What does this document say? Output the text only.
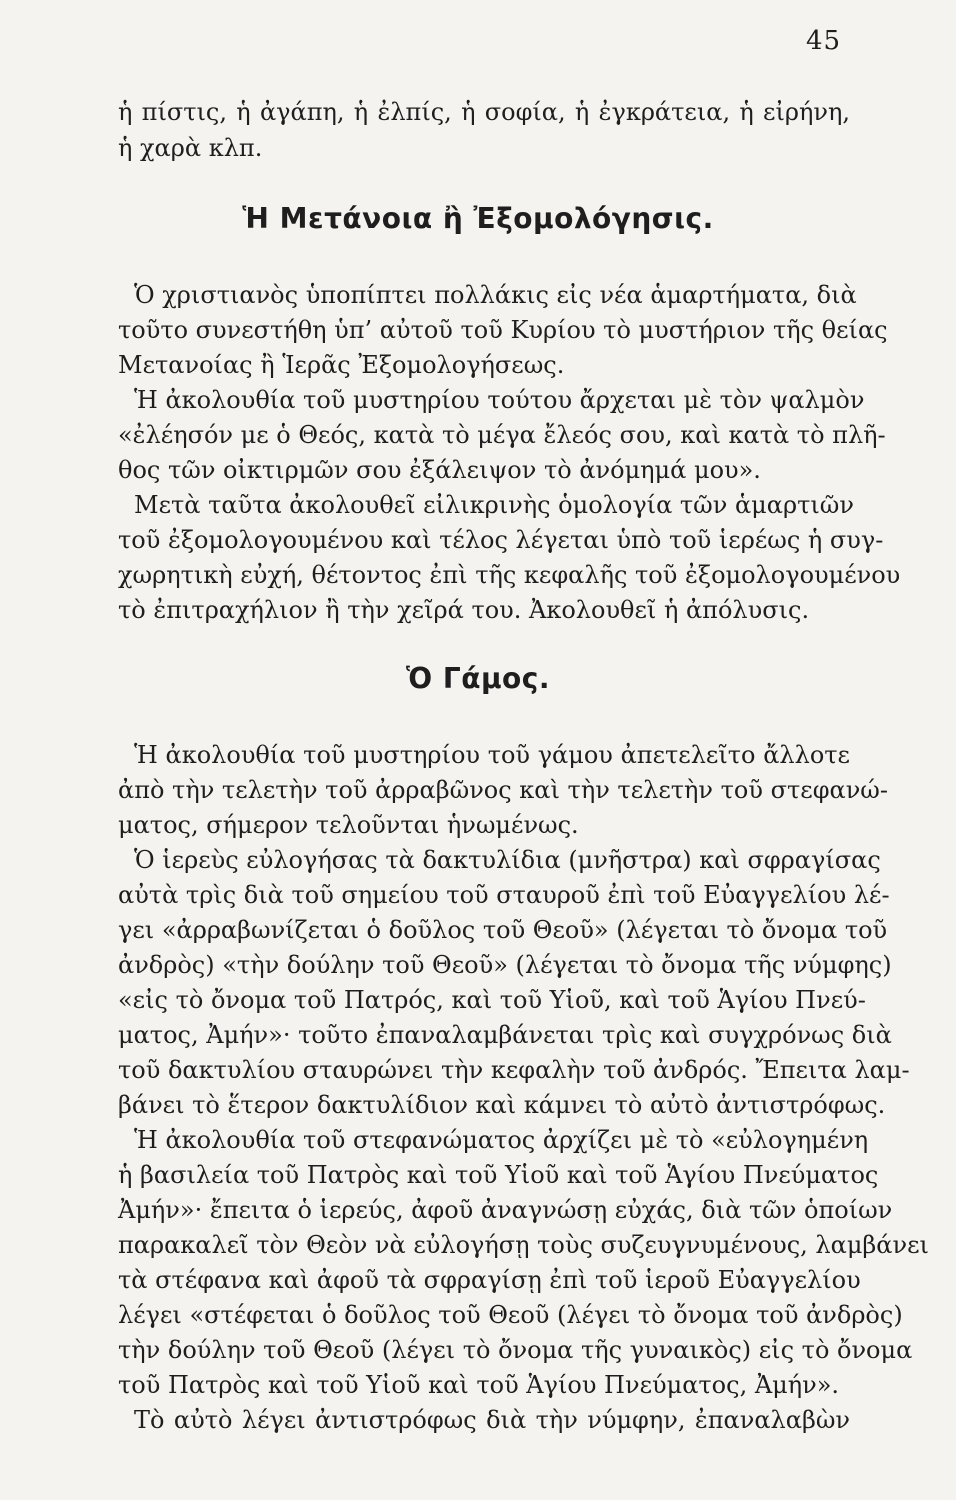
45
ἡ πίστις, ἡ ἀγάπη, ἡ ἐλπίς, ἡ σοφία, ἡ ἐγκράτεια, ἡ εἰρήνη,
ἡ χαρὰ κλπ.
Ἡ Μετάνοια ἢ Ἐξομολόγησις.
Ὁ χριστιανὸς ὑποπίπτει πολλάκις εἰς νέα ἁμαρτήματα, διὰ
τοῦτο συνεστήθη ὑπ’ αὐτοῦ τοῦ Κυρίου τὸ μυστήριον τῆς θείας
Μετανοίας ἢ Ἱερᾶς Ἐξομολογήσεως.
Ἡ ἀκολουθία τοῦ μυστηρίου τούτου ἄρχεται μὲ τὸν ψαλμὸν
«ἐλέησόν με ὁ Θεός, κατὰ τὸ μέγα ἔλεός σου, καὶ κατὰ τὸ πλῆ-
θος τῶν οἰκτιρμῶν σου ἐξάλειψον τὸ ἀνόμημά μου».
Μετὰ ταῦτα ἀκολουθεῖ εἰλικρινὴς ὁμολογία τῶν ἁμαρτιῶν
τοῦ ἐξομολογουμένου καὶ τέλος λέγεται ὑπὸ τοῦ ἱερέως ἡ συγ-
χωρητικὴ εὐχή, θέτοντος ἐπὶ τῆς κεφαλῆς τοῦ ἐξομολογουμένου
τὸ ἐπιτραχήλιον ἢ τὴν χεῖρά του. Ἀκολουθεῖ ἡ ἀπόλυσις.
Ὁ Γάμος.
Ἡ ἀκολουθία τοῦ μυστηρίου τοῦ γάμου ἀπετελεῖτο ἄλλοτε
ἀπὸ τὴν τελετὴν τοῦ ἀρραβῶνος καὶ τὴν τελετὴν τοῦ στεφανώ-
ματος, σήμερον τελοῦνται ἡνωμένως.
Ὁ ἱερεὺς εὐλογήσας τὰ δακτυλίδια (μνῆστρα) καὶ σφραγίσας
αὐτὰ τρὶς διὰ τοῦ σημείου τοῦ σταυροῦ ἐπὶ τοῦ Εὐαγγελίου λέ-
γει «ἀρραβωνίζεται ὁ δοῦλος τοῦ Θεοῦ» (λέγεται τὸ ὄνομα τοῦ
ἀνδρὸς) «τὴν δούλην τοῦ Θεοῦ» (λέγεται τὸ ὄνομα τῆς νύμφης)
«εἰς τὸ ὄνομα τοῦ Πατρός, καὶ τοῦ Υἱοῦ, καὶ τοῦ Ἁγίου Πνεύ-
ματος, Ἀμήν»· τοῦτο ἐπαναλαμβάνεται τρὶς καὶ συγχρόνως διὰ
τοῦ δακτυλίου σταυρώνει τὴν κεφαλὴν τοῦ ἀνδρός. Ἔπειτα λαμ-
βάνει τὸ ἕτερον δακτυλίδιον καὶ κάμνει τὸ αὐτὸ ἀντιστρόφως.
Ἡ ἀκολουθία τοῦ στεφανώματος ἀρχίζει μὲ τὸ «εὐλογημένη
ἡ βασιλεία τοῦ Πατρὸς καὶ τοῦ Υἱοῦ καὶ τοῦ Ἁγίου Πνεύματος
Ἀμήν»· ἔπειτα ὁ ἱερεύς, ἀφοῦ ἀναγνώσῃ εὐχάς, διὰ τῶν ὁποίων
παρακαλεῖ τὸν Θεὸν νὰ εὐλογήσῃ τοὺς συζευγνυμένους, λαμβάνει
τὰ στέφανα καὶ ἀφοῦ τὰ σφραγίσῃ ἐπὶ τοῦ ἱεροῦ Εὐαγγελίου
λέγει «στέφεται ὁ δοῦλος τοῦ Θεοῦ (λέγει τὸ ὄνομα τοῦ ἀνδρὸς)
τὴν δούλην τοῦ Θεοῦ (λέγει τὸ ὄνομα τῆς γυναικὸς) εἰς τὸ ὄνομα
τοῦ Πατρὸς καὶ τοῦ Υἱοῦ καὶ τοῦ Ἁγίου Πνεύματος, Ἀμήν».
Τὸ αὐτὸ λέγει ἀντιστρόφως διὰ τὴν νύμφην, ἐπαναλαβὼν
